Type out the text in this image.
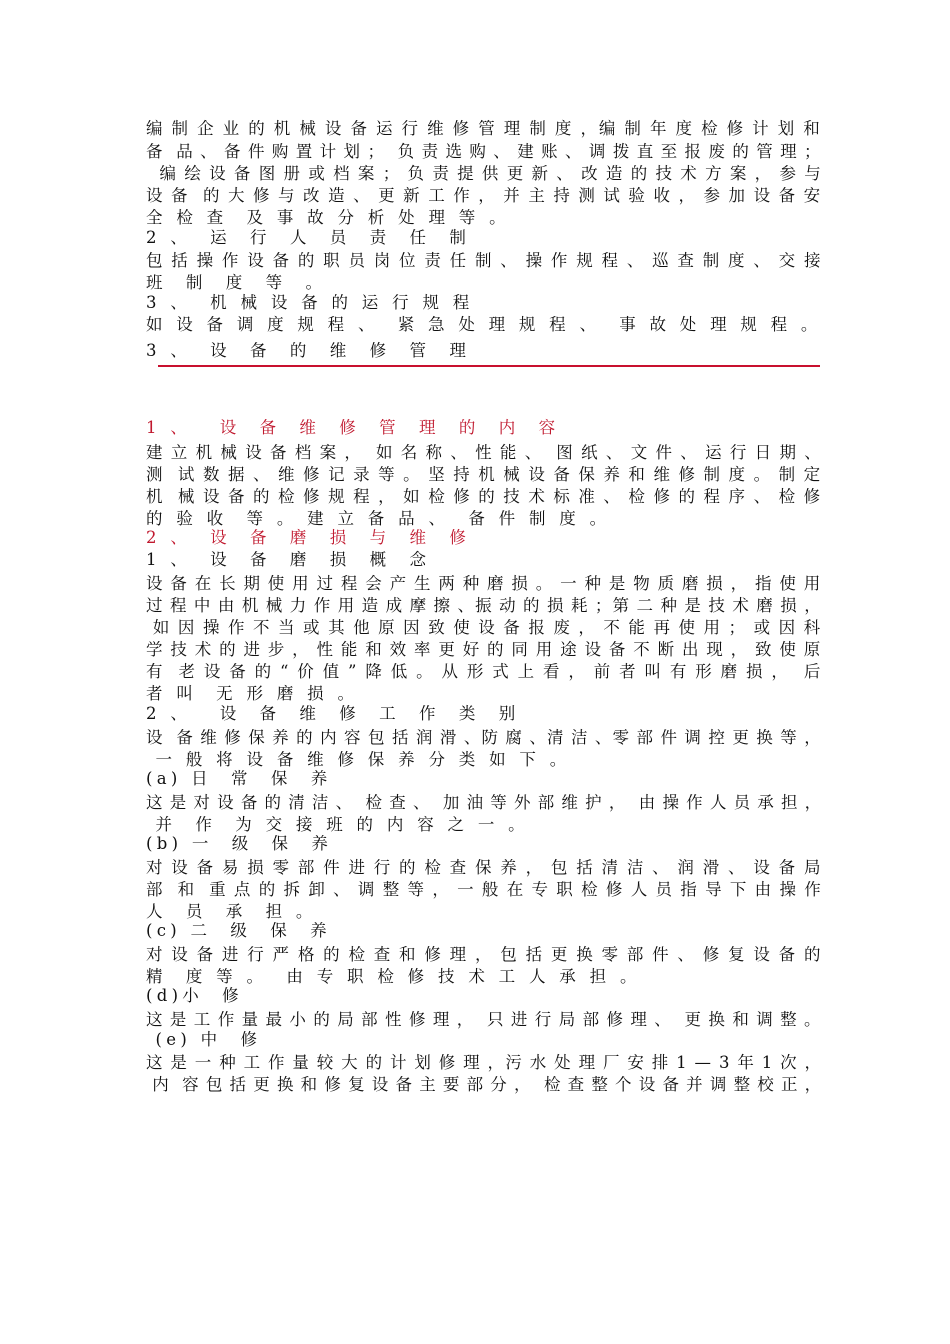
编 制 企 业 的 机 械 设 备 运 行 维 修 管 理 制 度 ，编 制 年 度 检 修 计 划 和
备  品 、 备 件 购 置 计 划 ；  负 责 选 购 、 建 账 、 调 拨 直 至 报 废 的 管 理 ；
编 绘 设 备 图 册 或 档 案 ； 负 责 提 供 更 新 、 改 造 的 技 术 方 案 ， 参 与
设 备  的 大 修 与 改 造 、 更 新 工 作 ， 并 主 持 测 试 验 收 ， 参 加 设 备 安
全 检 查  及 事 故 分 析 处 理 等 。
2 、  运  行  人  员  责  任  制
包 括 操 作 设 备 的 职 员 岗 位 责 任 制 、 操 作 规 程 、 巡 查 制 度 、 交 接
班  制  度  等  。
3 、  机 械 设 备 的 运 行 规 程
如 设 备 调 度 规 程 、  紧 急 处 理 规 程 、  事 故 处 理 规 程 。
3 、  设  备  的  维  修  管  理
1 、   设  备  维  修  管  理  的  内  容
建 立 机 械 设 备 档 案 ，  如 名 称 、 性 能 、  图 纸 、 文 件 、 运 行 日 期 、
测  试 数 据 、 维 修 记 录 等 。 坚 持 机 械 设 备 保 养 和 维 修 制 度 。 制 定
机  械 设 备 的 检 修 规 程 ， 如 检 修 的 技 术 标 准 、 检 修 的 程 序 、 检 修
的 验 收  等 。 建 立 备 品 、  备 件 制 度 。
2 、  设  备  磨  损  与  维  修
1 、  设  备  磨  损  概  念
设 备 在 长 期 使 用 过 程 会 产 生 两 种 磨 损 。 一 种 是 物 质 磨 损 ， 指 使 用
过 程 中 由 机 械 力 作 用 造 成 摩 擦 、振 动 的 损 耗 ；第 二 种 是 技 术 磨 损 ，
如 因 操 作 不 当 或 其 他 原 因 致 使 设 备 报 废 ， 不 能 再 使 用 ； 或 因 科
学 技 术 的 进 步 ， 性 能 和 效 率 更 好 的 同 用 途 设 备 不 断 出 现 ， 致 使 原
有  老 设 备 的 “ 价 值 ” 降 低 。 从 形 式 上 看 ， 前 者 叫 有 形 磨 损 ，  后
者 叫  无 形 磨 损 。
2 、   设  备  维  修  工  作  类  别
设  备 维 修 保 养 的 内 容 包 括 润 滑 、防 腐 、清 洁 、零 部 件 调 控 更 换 等 ，
一 般 将 设 备 维 修 保 养 分 类 如 下 。
(a) 日  常  保  养
这 是 对 设 备 的 清 洁 、  检 查 、  加 油 等 外 部 维 护 ，  由 操 作 人 员 承 担 ，
并  作  为 交 接 班 的 内 容 之 一 。
(b) 一  级  保  养
对 设 备 易 损 零 部 件 进 行 的 检 查 保 养 ， 包 括 清 洁 、 润 滑 、 设 备 局
部  和  重 点 的 拆 卸 、 调 整 等 ， 一 般 在 专 职 检 修 人 员 指 导 下 由 操 作
人  员  承  担 。
(c) 二  级  保  养
对 设 备 进 行 严 格 的 检 查 和 修 理 ， 包 括 更 换 零 部 件 、 修 复 设 备 的
精  度 等 。  由 专 职 检 修 技 术 工 人 承 担 。
(d)小  修
这 是 工 作 量 最 小 的 局 部 性 修 理 ，  只 进 行 局 部 修 理 、  更 换 和 调 整 。
(e) 中  修
这 是 一 种 工 作 量 较 大 的 计 划 修 理 ，污 水 处 理 厂 安 排 1 — 3 年 1 次 ，
内  容 包 括 更 换 和 修 复 设 备 主 要 部 分 ，  检 查 整 个 设 备 并 调 整 校 正 ，
